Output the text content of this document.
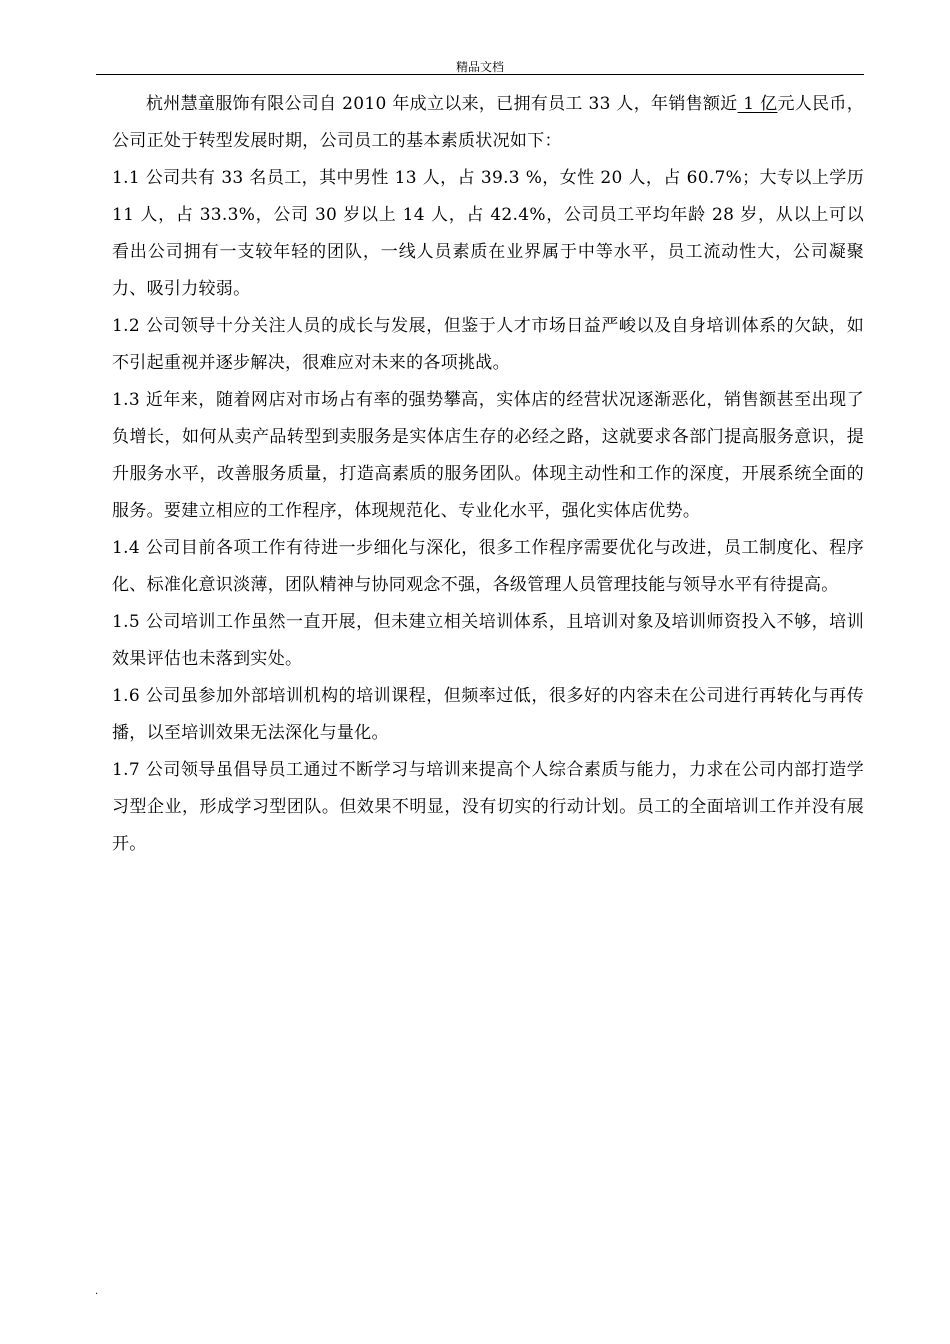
精品文档

杭州慧童服饰有限公司自 2010 年成立以来，已拥有员工 33 人，年销售额近 1 亿元人民币，公司正处于转型发展时期，公司员工的基本素质状况如下：

1.1 公司共有 33 名员工，其中男性 13 人，占 39.3 %，女性 20 人，占 60.7%；大专以上学历 11 人，占 33.3%，公司 30 岁以上 14 人，占 42.4%，公司员工平均年龄 28 岁，从以上可以看出公司拥有一支较年轻的团队，一线人员素质在业界属于中等水平，员工流动性大，公司凝聚力、吸引力较弱。

1.2 公司领导十分关注人员的成长与发展，但鉴于人才市场日益严峻以及自身培训体系的欠缺，如不引起重视并逐步解决，很难应对未来的各项挑战。

1.3 近年来，随着网店对市场占有率的强势攀高，实体店的经营状况逐渐恶化，销售额甚至出现了负增长，如何从卖产品转型到卖服务是实体店生存的必经之路，这就要求各部门提高服务意识，提升服务水平，改善服务质量，打造高素质的服务团队。体现主动性和工作的深度，开展系统全面的服务。要建立相应的工作程序，体现规范化、专业化水平，强化实体店优势。

1.4 公司目前各项工作有待进一步细化与深化，很多工作程序需要优化与改进，员工制度化、程序化、标准化意识淡薄，团队精神与协同观念不强，各级管理人员管理技能与领导水平有待提高。

1.5 公司培训工作虽然一直开展，但未建立相关培训体系，且培训对象及培训师资投入不够，培训效果评估也未落到实处。

1.6 公司虽参加外部培训机构的培训课程，但频率过低，很多好的内容未在公司进行再转化与再传播，以至培训效果无法深化与量化。

1.7 公司领导虽倡导员工通过不断学习与培训来提高个人综合素质与能力，力求在公司内部打造学习型企业，形成学习型团队。但效果不明显，没有切实的行动计划。员工的全面培训工作并没有展开。

.
